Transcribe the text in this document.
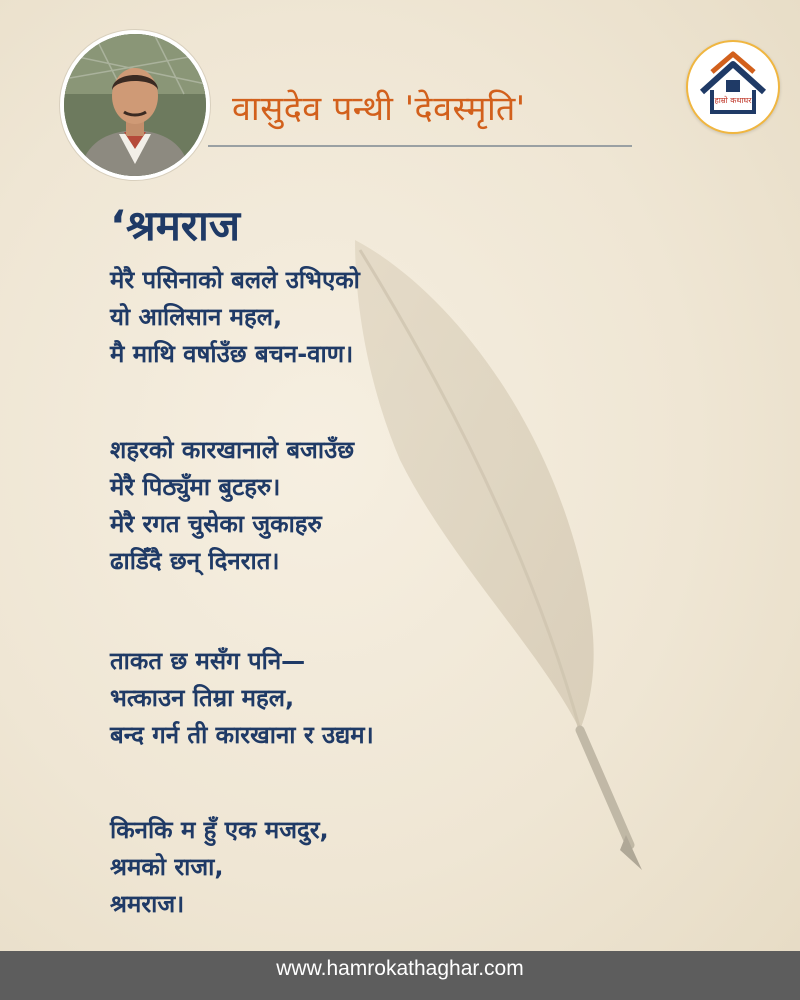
वासुदेव पन्थी 'देवस्मृति'	हाम्रो कथाघर
‘श्रमराज
मेरै पसिनाको बलले उभिएको
यो आलिसान महल,
मै माथि वर्षाउँछ बचन-वाण।
शहरको कारखानाले बजाउँछ
मेरै पिठ्युँमा बुटहरु।
मेरै रगत चुसेका जुकाहरु
ढाडिँदै छन् दिनरात।
ताकत छ मसँग पनि—
भत्काउन तिम्रा महल,
बन्द गर्न ती कारखाना र उद्यम।
किनकि म हुँ एक मजदुर,
श्रमको राजा,
श्रमराज।
www.hamrokathaghar.com
